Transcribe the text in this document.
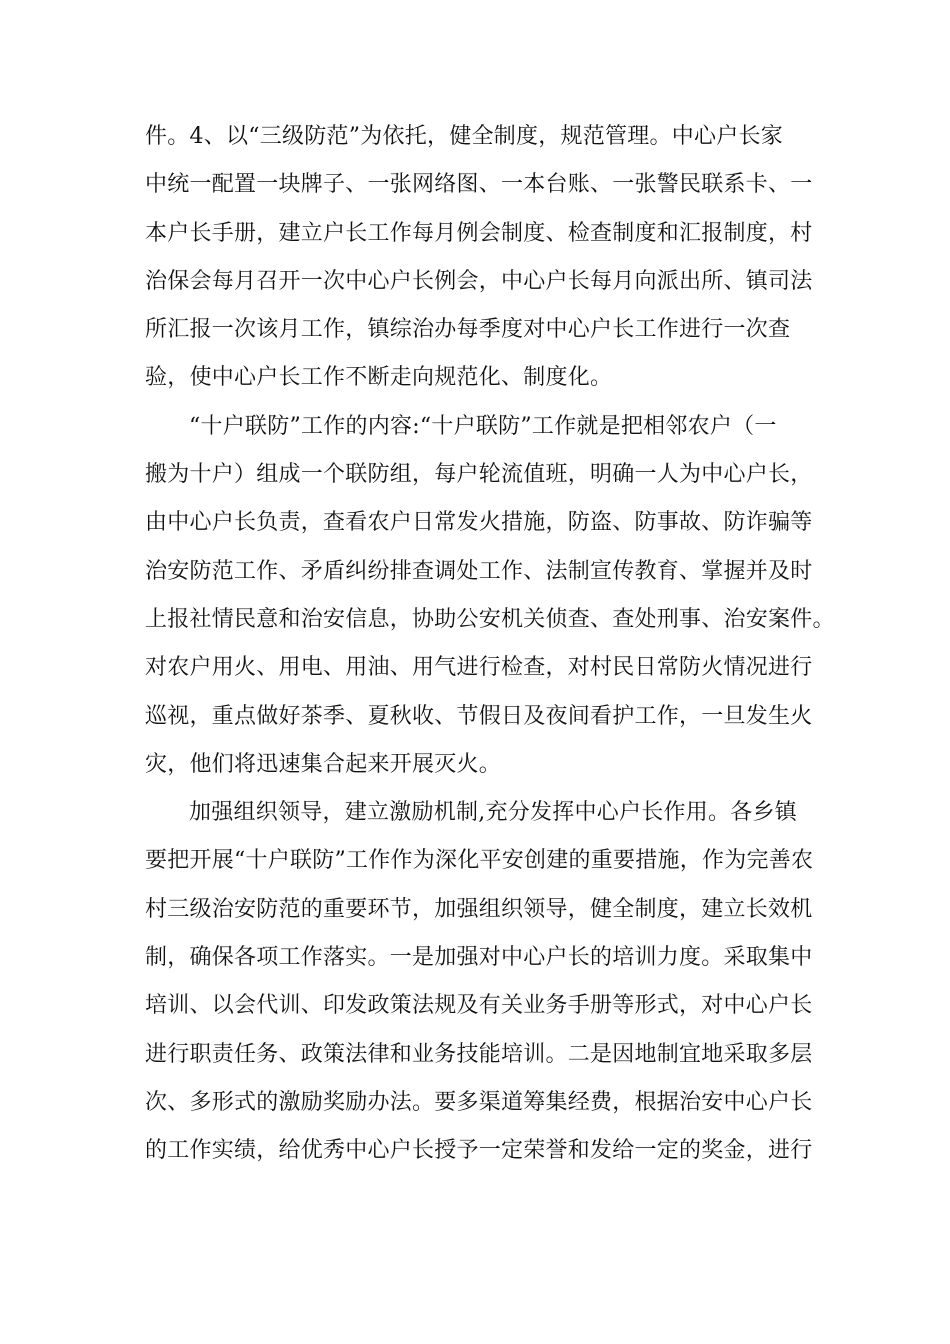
件。4、以“三级防范”为依托，健全制度，规范管理。中心户长家
中统一配置一块牌子、一张网络图、一本台账、一张警民联系卡、一
本户长手册，建立户长工作每月例会制度、检查制度和汇报制度，村
治保会每月召开一次中心户长例会，中心户长每月向派出所、镇司法
所汇报一次该月工作，镇综治办每季度对中心户长工作进行一次查
验，使中心户长工作不断走向规范化、制度化。
“十户联防”工作的内容:“十户联防”工作就是把相邻农户（一
搬为十户）组成一个联防组，每户轮流值班，明确一人为中心户长，
由中心户长负责，查看农户日常发火措施，防盗、防事故、防诈骗等
治安防范工作、矛盾纠纷排查调处工作、法制宣传教育、掌握并及时
上报社情民意和治安信息，协助公安机关侦查、查处刑事、治安案件。
对农户用火、用电、用油、用气进行检查，对村民日常防火情况进行
巡视，重点做好茶季、夏秋收、节假日及夜间看护工作，一旦发生火
灾，他们将迅速集合起来开展灭火。
加强组织领导，建立激励机制,充分发挥中心户长作用。各乡镇
要把开展“十户联防”工作作为深化平安创建的重要措施，作为完善农
村三级治安防范的重要环节，加强组织领导，健全制度，建立长效机
制，确保各项工作落实。一是加强对中心户长的培训力度。采取集中
培训、以会代训、印发政策法规及有关业务手册等形式，对中心户长
进行职责任务、政策法律和业务技能培训。二是因地制宜地采取多层
次、多形式的激励奖励办法。要多渠道筹集经费，根据治安中心户长
的工作实绩，给优秀中心户长授予一定荣誉和发给一定的奖金，进行
